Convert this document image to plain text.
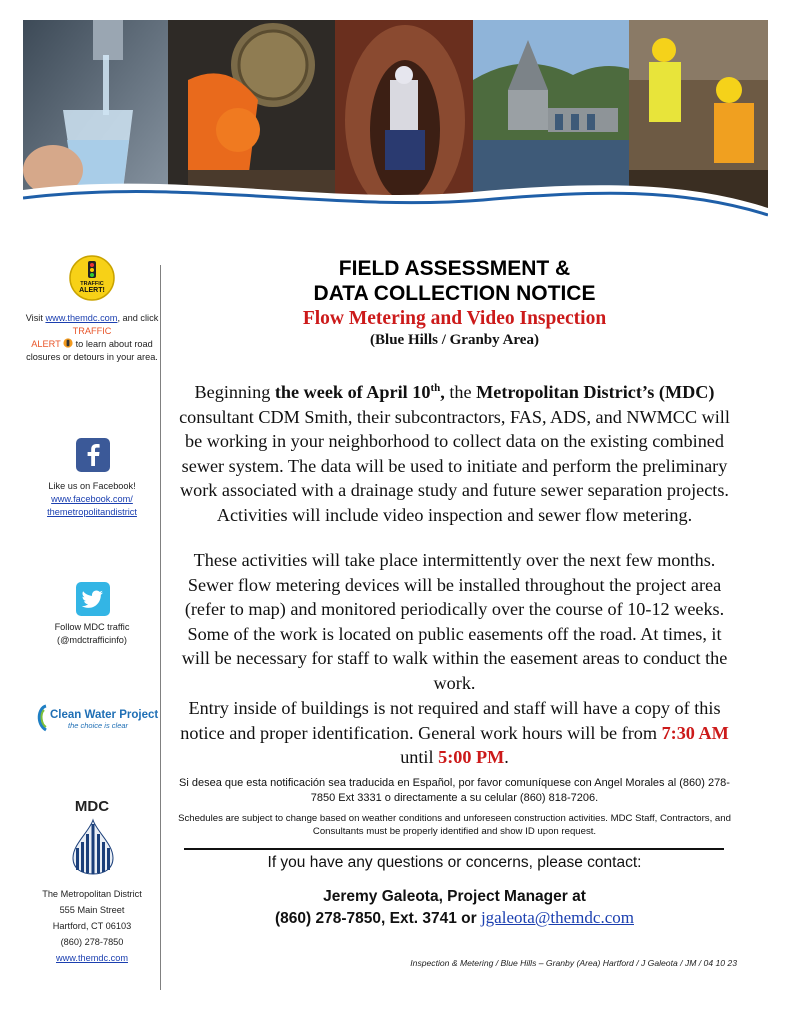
TRAFFIC
ALERT!
Visit www.themdc.com, and click TRAFFIC
ALERT  to learn about road closures or detours in your area.
Like us on Facebook!
www.facebook.com/
themetropolitandistrict
Follow MDC traffic
(@mdctrafficinfo)
Clean Water Project
the choice is clear
MDC
The Metropolitan District
555 Main Street
Hartford, CT 06103
(860) 278-7850
www.themdc.com
FIELD ASSESSMENT &
DATA COLLECTION NOTICE
Flow Metering and Video Inspection
(Blue Hills / Granby Area)
Beginning the week of April 10th, the Metropolitan District’s (MDC) consultant CDM Smith, their subcontractors, FAS, ADS, and NWMCC will be working in your neighborhood to collect data on the existing combined sewer system. The data will be used to initiate and perform the preliminary work associated with a drainage study and future sewer separation projects. Activities will include video inspection and sewer flow metering.
These activities will take place intermittently over the next few months. Sewer flow metering devices will be installed throughout the project area (refer to map) and monitored periodically over the course of 10-12 weeks. Some of the work is located on public easements off the road. At times, it will be necessary for staff to walk within the easement areas to conduct the work.
Entry inside of buildings is not required and staff will have a copy of this notice and proper identification. General work hours will be from 7:30 AM until 5:00 PM.
Si desea que esta notificación sea traducida en Español, por favor comuníquese con Angel Morales al (860) 278-7850 Ext 3331 o directamente a su celular (860) 818-7206.
Schedules are subject to change based on weather conditions and unforeseen construction activities. MDC Staff, Contractors, and Consultants must be properly identified and show ID upon request.
If you have any questions or concerns, please contact:
Jeremy Galeota, Project Manager at
(860) 278-7850, Ext. 3741 or jgaleota@themdc.com
Inspection & Metering / Blue Hills – Granby (Area) Hartford / J Galeota / JM / 04 10 23
